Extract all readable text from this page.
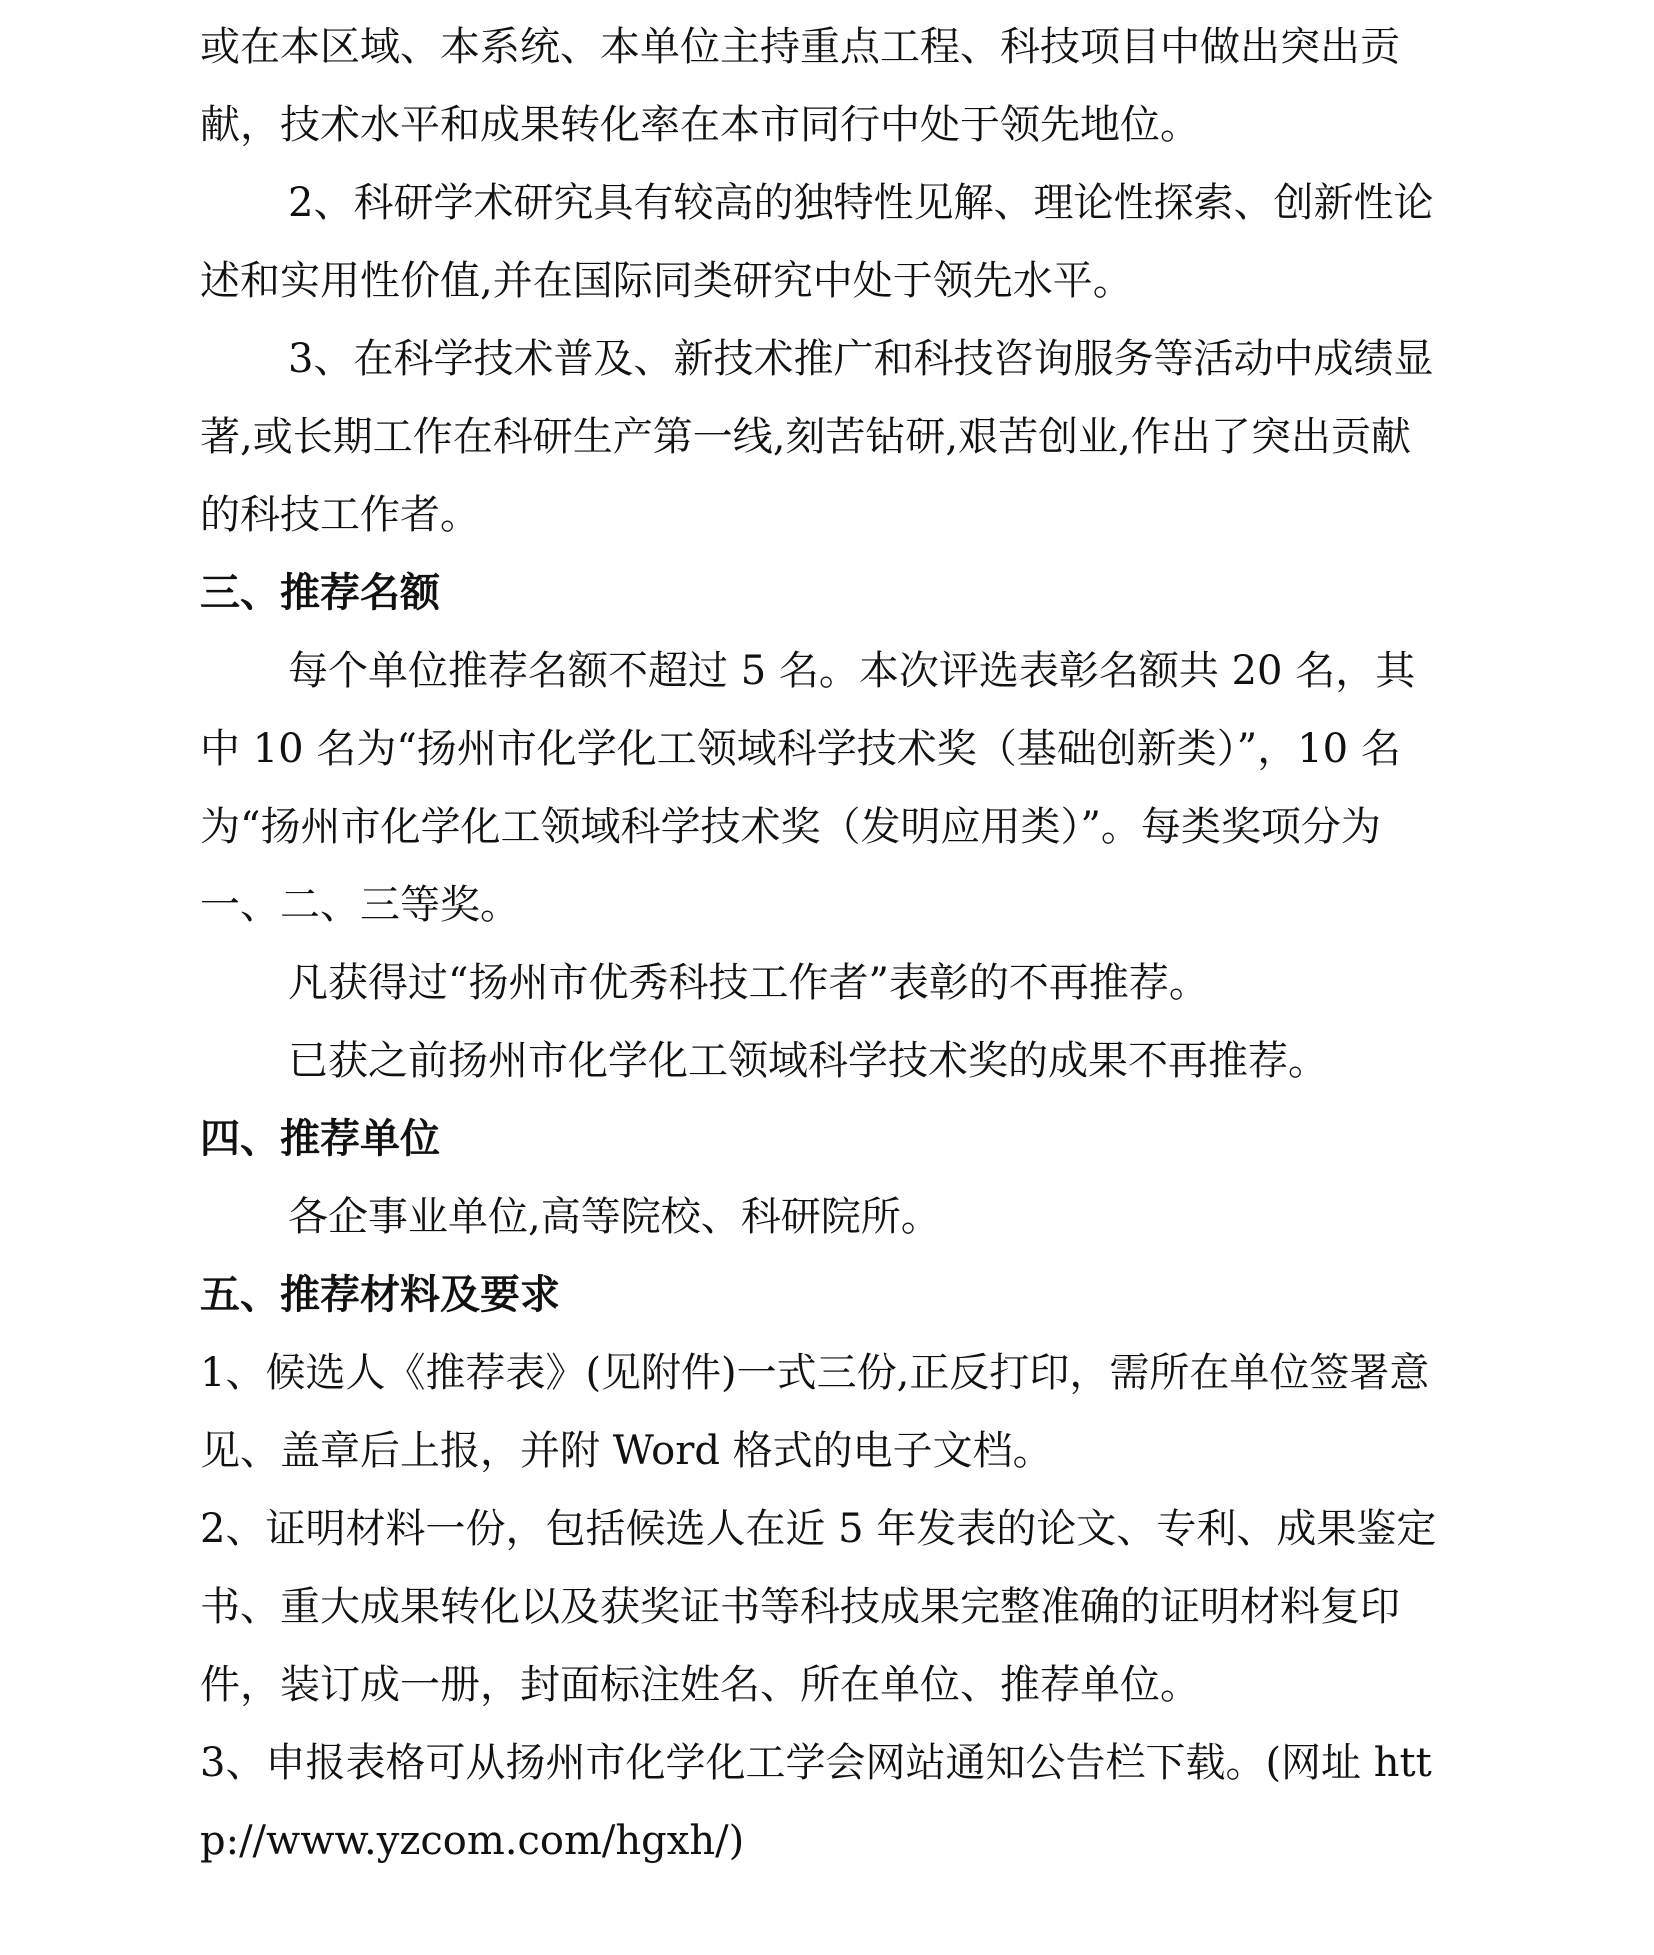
或在本区域、本系统、本单位主持重点工程、科技项目中做出突出贡献，技术水平和成果转化率在本市同行中处于领先地位。

2、科研学术研究具有较高的独特性见解、理论性探索、创新性论述和实用性价值,并在国际同类研究中处于领先水平。

3、在科学技术普及、新技术推广和科技咨询服务等活动中成绩显著,或长期工作在科研生产第一线,刻苦钻研,艰苦创业,作出了突出贡献的科技工作者。

三、推荐名额

每个单位推荐名额不超过 5 名。本次评选表彰名额共 20 名，其中 10 名为“扬州市化学化工领域科学技术奖（基础创新类）”，10 名为“扬州市化学化工领域科学技术奖（发明应用类）”。每类奖项分为一、二、三等奖。

凡获得过“扬州市优秀科技工作者”表彰的不再推荐。

已获之前扬州市化学化工领域科学技术奖的成果不再推荐。

四、推荐单位

各企事业单位,高等院校、科研院所。

五、推荐材料及要求

1、候选人《推荐表》(见附件)一式三份,正反打印，需所在单位签署意见、盖章后上报，并附 Word 格式的电子文档。

2、证明材料一份，包括候选人在近 5 年发表的论文、专利、成果鉴定书、重大成果转化以及获奖证书等科技成果完整准确的证明材料复印件，装订成一册，封面标注姓名、所在单位、推荐单位。

3、申报表格可从扬州市化学化工学会网站通知公告栏下载。(网址 http://www.yzcom.com/hgxh/)
